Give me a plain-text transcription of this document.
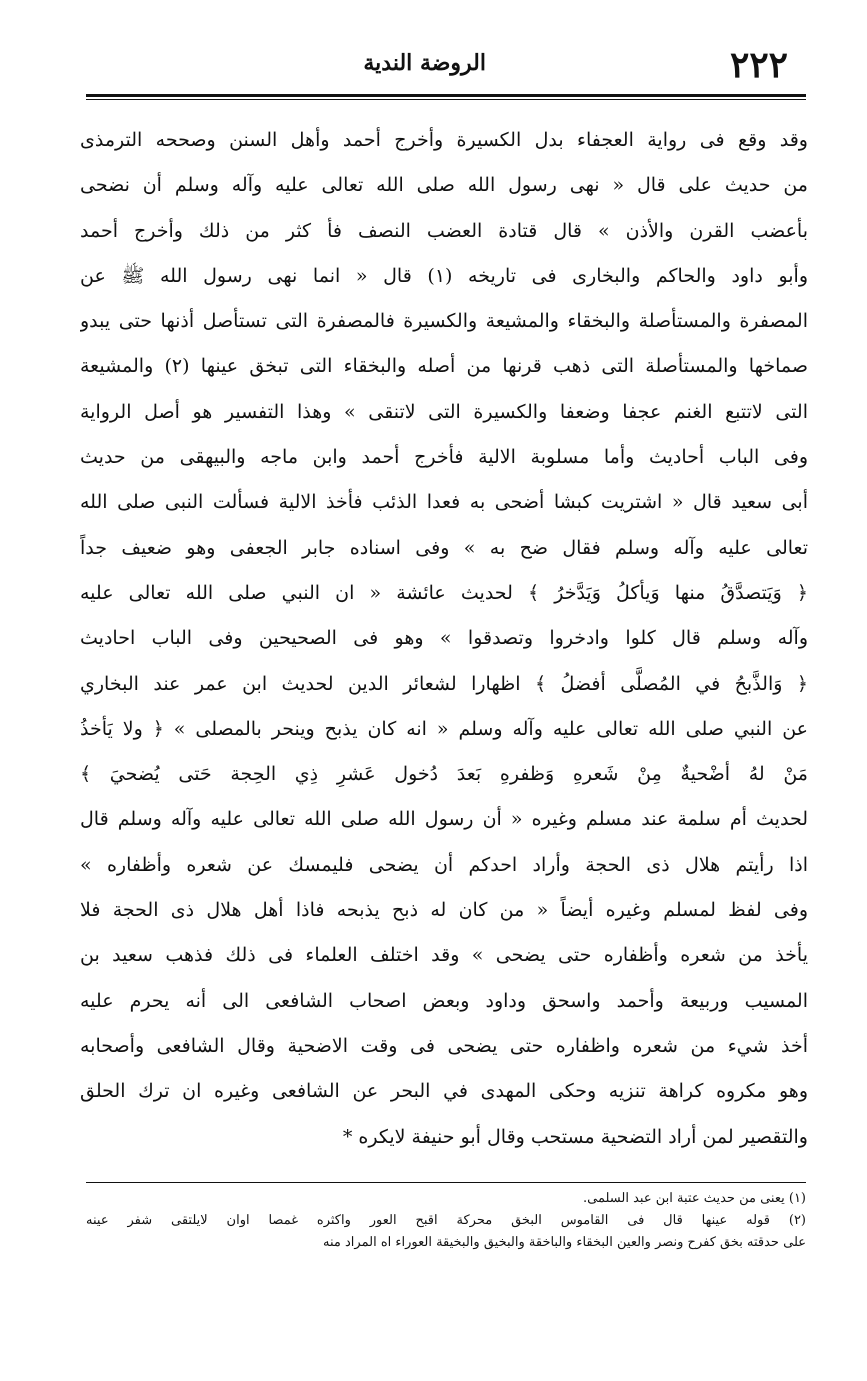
٢٢٢
الروضة الندية
وقد وقع فى رواية العجفاء بدل الكسيرة وأخرج أحمد وأهل السنن وصححه الترمذى
من حديث على قال « نهى رسول الله صلى الله تعالى عليه وآله وسلم أن نضحى
بأعضب القرن والأذن » قال قتادة العضب النصف فأ كثر من ذلك وأخرج أحمد
وأبو داود والحاكم والبخارى فى تاريخه (١) قال « انما نهى رسول الله ﷺ عن
المصفرة والمستأصلة والبخقاء والمشيعة والكسيرة فالمصفرة التى تستأصل أذنها حتى يبدو
صماخها والمستأصلة التى ذهب قرنها من أصله والبخقاء التى تبخق عينها (٢) والمشيعة
التى لاتتبع الغنم عجفا وضعفا والكسيرة التى لاتنقى » وهذا التفسير هو أصل الرواية
وفى الباب أحاديث وأما مسلوبة الالية فأخرج أحمد وابن ماجه والبيهقى من حديث
أبى سعيد قال « اشتريت كبشا أضحى به فعدا الذئب فأخذ الالية فسألت النبى صلى الله
تعالى عليه وآله وسلم فقال ضح به » وفى اسناده جابر الجعفى وهو ضعيف جداً
﴿ وَيَتصدَّقُ منها وَيأكلُ وَيَدَّخرُ ﴾ لحديث عائشة « ان النبي صلى الله تعالى عليه
وآله وسلم قال كلوا وادخروا وتصدقوا » وهو فى الصحيحين وفى الباب احاديث
﴿ وَالذَّبحُ في المُصلَّى أفضلُ ﴾ اظهارا لشعائر الدين لحديث ابن عمر عند البخاري
عن النبي صلى الله تعالى عليه وآله وسلم « انه كان يذبح وينحر بالمصلى » ﴿ ولا يَأخذُ
مَنْ لهُ أضْحيةٌ مِنْ شَعرهِ وَظفرهِ بَعدَ دُخول عَشرِ ذِي الحِجة حَتى يُضحيَ ﴾
لحديث أم سلمة عند مسلم وغيره « أن رسول الله صلى الله تعالى عليه وآله وسلم قال
اذا رأيتم هلال ذى الحجة وأراد احدكم أن يضحى فليمسك عن شعره وأظفاره »
وفى لفظ لمسلم وغيره أيضاً « من كان له ذبح يذبحه فاذا أهل هلال ذى الحجة فلا
يأخذ من شعره وأظفاره حتى يضحى » وقد اختلف العلماء فى ذلك فذهب سعيد بن
المسيب وربيعة وأحمد واسحق وداود وبعض اصحاب الشافعى الى أنه يحرم عليه
أخذ شيء من شعره واظفاره حتى يضحى فى وقت الاضحية وقال الشافعى وأصحابه
وهو مكروه كراهة تنزيه وحكى المهدى في البحر عن الشافعى وغيره ان ترك الحلق
والتقصير لمن أراد التضحية مستحب وقال أبو حنيفة لايكره *
(١) يعنى من حديث عتبة ابن عبد السلمى.
(٢) قوله عينها قال فى القاموس البخق محركة اقبح العور واكثره غمصا اوان لايلتقى شفر عينه
على حدقته بخق كفرح ونصر والعين البخقاء والباخقة والبخيق والبخيقة العوراء اه المراد منه
